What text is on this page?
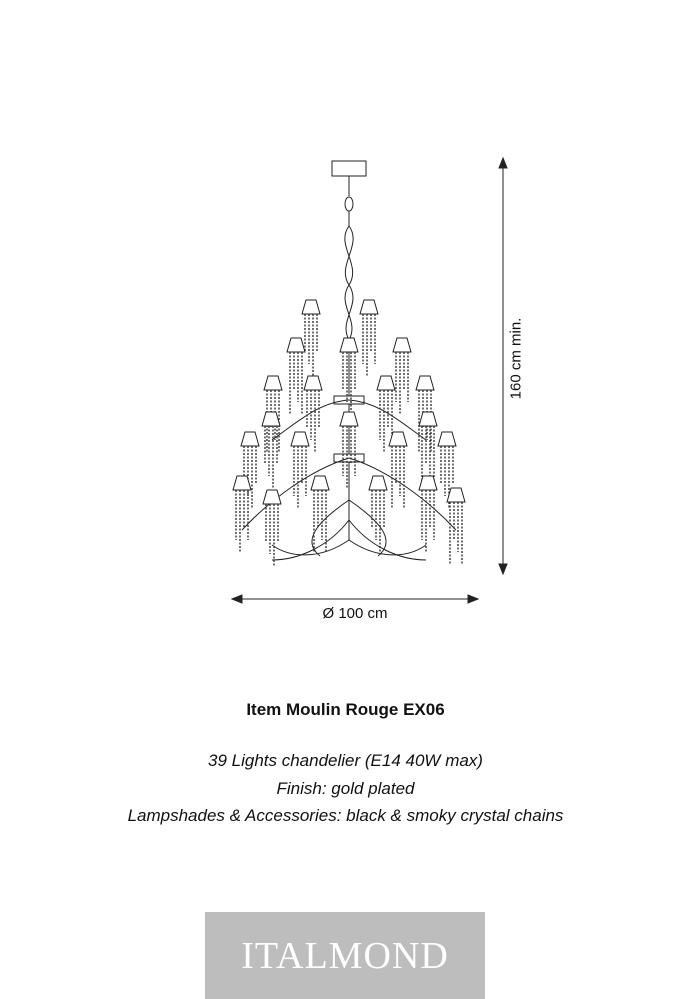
Ø 100 cm
160 cm min.
Item Moulin Rouge EX06
39 Lights chandelier (E14 40W max)
Finish: gold plated
Lampshades & Accessories: black & smoky crystal chains
ITALMOND
